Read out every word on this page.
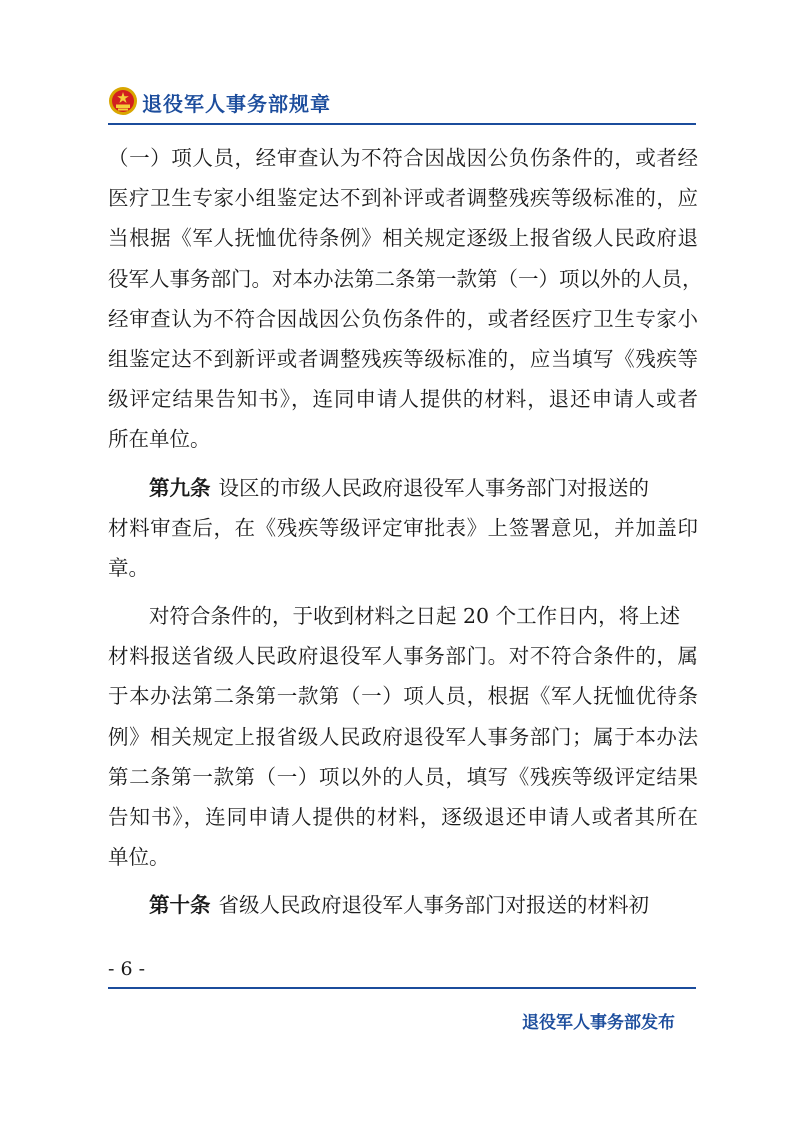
退役军人事务部规章
（一）项人员，经审查认为不符合因战因公负伤条件的，或者经
医疗卫生专家小组鉴定达不到补评或者调整残疾等级标准的，应
当根据《军人抚恤优待条例》相关规定逐级上报省级人民政府退
役军人事务部门。对本办法第二条第一款第（一）项以外的人员，
经审查认为不符合因战因公负伤条件的，或者经医疗卫生专家小
组鉴定达不到新评或者调整残疾等级标准的，应当填写《残疾等
级评定结果告知书》，连同申请人提供的材料，退还申请人或者
所在单位。
第九条 设区的市级人民政府退役军人事务部门对报送的
材料审查后，在《残疾等级评定审批表》上签署意见，并加盖印
章。
对符合条件的，于收到材料之日起 20 个工作日内，将上述
材料报送省级人民政府退役军人事务部门。对不符合条件的，属
于本办法第二条第一款第（一）项人员，根据《军人抚恤优待条
例》相关规定上报省级人民政府退役军人事务部门；属于本办法
第二条第一款第（一）项以外的人员，填写《残疾等级评定结果
告知书》，连同申请人提供的材料，逐级退还申请人或者其所在
单位。
第十条 省级人民政府退役军人事务部门对报送的材料初
- 6 -
退役军人事务部发布
